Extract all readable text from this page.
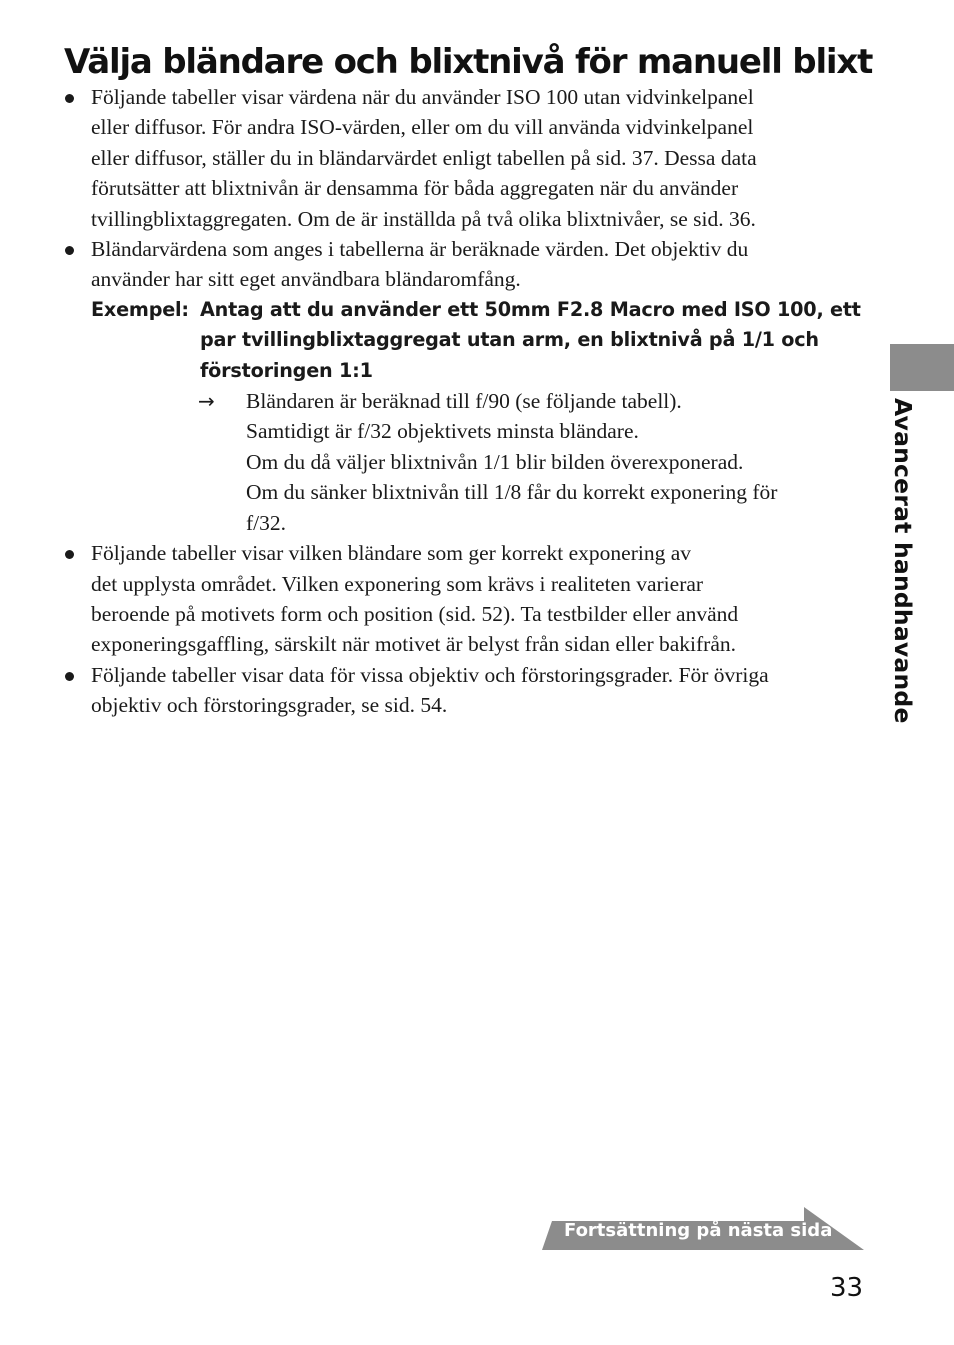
Välja bländare och blixtnivå för manuell blixt
Följande tabeller visar värdena när du använder ISO 100 utan vidvinkelpanel
eller diffusor. För andra ISO-värden, eller om du vill använda vidvinkelpanel
eller diffusor, ställer du in bländarvärdet enligt tabellen på sid. 37. Dessa data
förutsätter att blixtnivån är densamma för båda aggregaten när du använder
tvillingblixtaggregaten. Om de är inställda på två olika blixtnivåer, se sid. 36.
Bländarvärdena som anges i tabellerna är beräknade värden. Det objektiv du
använder har sitt eget användbara bländaromfång.
Exempel: Antag att du använder ett 50mm F2.8 Macro med ISO 100, ett
par tvillingblixtaggregat utan arm, en blixtnivå på 1/1 och
förstoringen 1:1
→ Bländaren är beräknad till f/90 (se följande tabell).
Samtidigt är f/32 objektivets minsta bländare.
Om du då väljer blixtnivån 1/1 blir bilden överexponerad.
Om du sänker blixtnivån till 1/8 får du korrekt exponering för
f/32.
Följande tabeller visar vilken bländare som ger korrekt exponering av
det upplysta området. Vilken exponering som krävs i realiteten varierar
beroende på motivets form och position (sid. 52). Ta testbilder eller använd
exponeringsgaffling, särskilt när motivet är belyst från sidan eller bakifrån.
Följande tabeller visar data för vissa objektiv och förstoringsgrader. För övriga
objektiv och förstoringsgrader, se sid. 54.	Avancerat handhavande
Fortsättning på nästa sida
33
